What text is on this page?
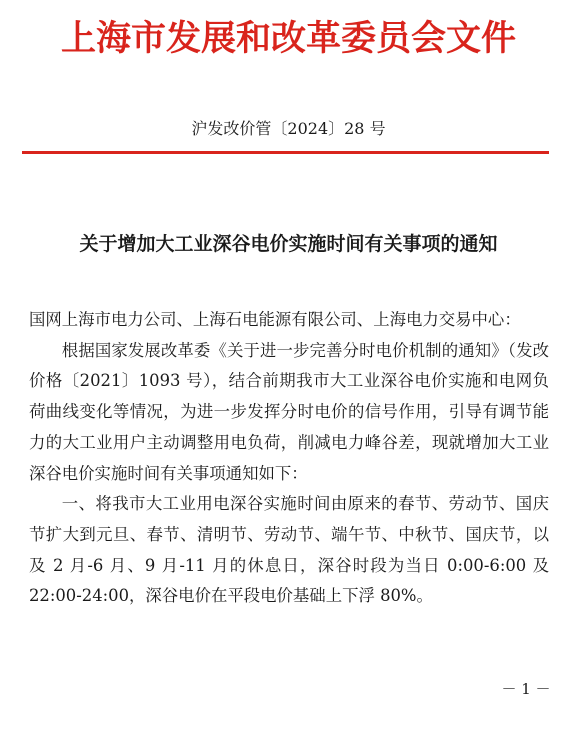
上海市发展和改革委员会文件
沪发改价管〔2024〕28 号
关于增加大工业深谷电价实施时间有关事项的通知

国网上海市电力公司、上海石电能源有限公司、上海电力交易中心：

根据国家发展改革委《关于进一步完善分时电价机制的通知》（发改价格〔2021〕1093 号），结合前期我市大工业深谷电价实施和电网负荷曲线变化等情况，为进一步发挥分时电价的信号作用，引导有调节能力的大工业用户主动调整用电负荷，削减电力峰谷差，现就增加大工业深谷电价实施时间有关事项通知如下：

一、将我市大工业用电深谷实施时间由原来的春节、劳动节、国庆节扩大到元旦、春节、清明节、劳动节、端午节、中秋节、国庆节，以及 2 月-6 月、9 月-11 月的休息日，深谷时段为当日 0:00-6:00 及 22:00-24:00，深谷电价在平段电价基础上下浮 80%。

－ 1 －
